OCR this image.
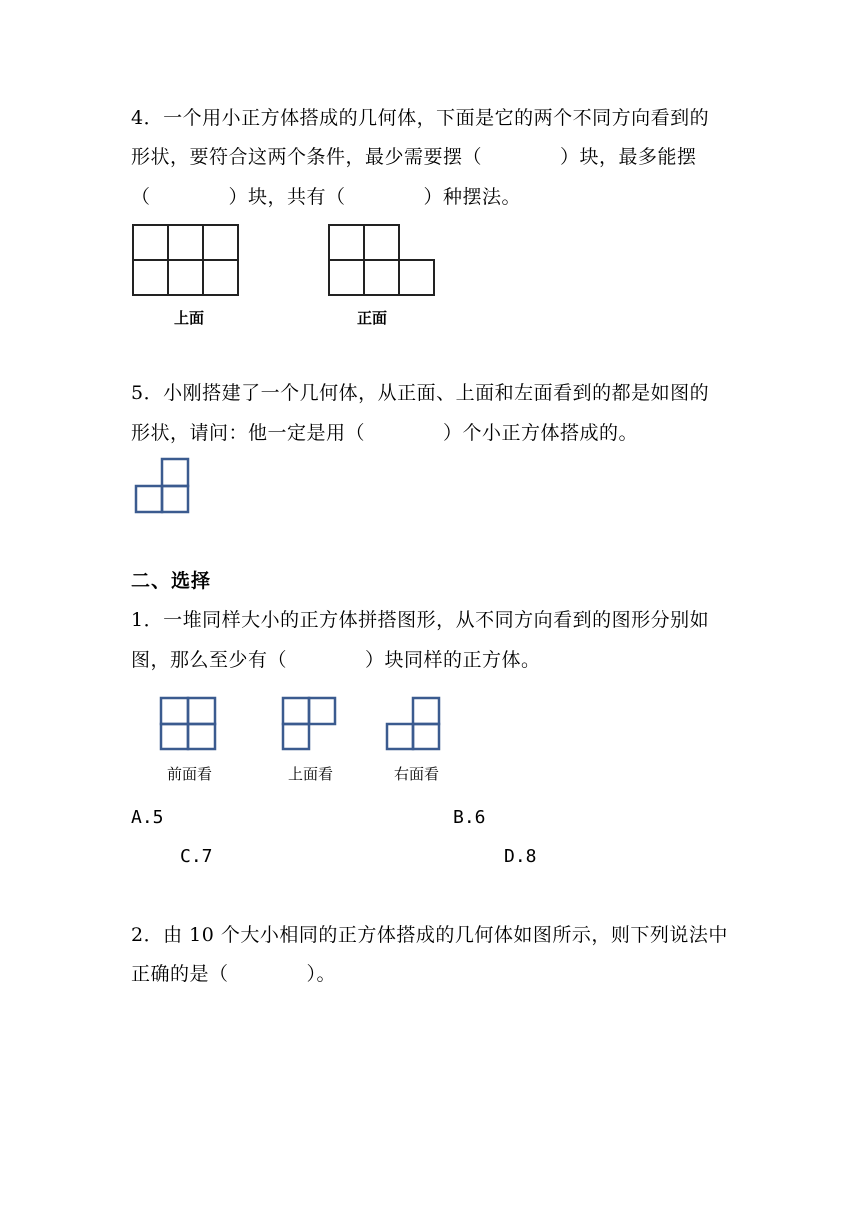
4．一个用小正方体搭成的几何体，下面是它的两个不同方向看到的
形状，要符合这两个条件，最少需要摆（　　　　）块，最多能摆
（　　　　）块，共有（　　　　）种摆法。
上面	正面
5．小刚搭建了一个几何体，从正面、上面和左面看到的都是如图的
形状，请问：他一定是用（　　　　）个小正方体搭成的。
二、选择
1．一堆同样大小的正方体拼搭图形，从不同方向看到的图形分别如
图，那么至少有（　　　　）块同样的正方体。
前面看	上面看	右面看
A.5	B.6
C.7	D.8
2．由 10 个大小相同的正方体搭成的几何体如图所示，则下列说法中
正确的是（　　　　）。
